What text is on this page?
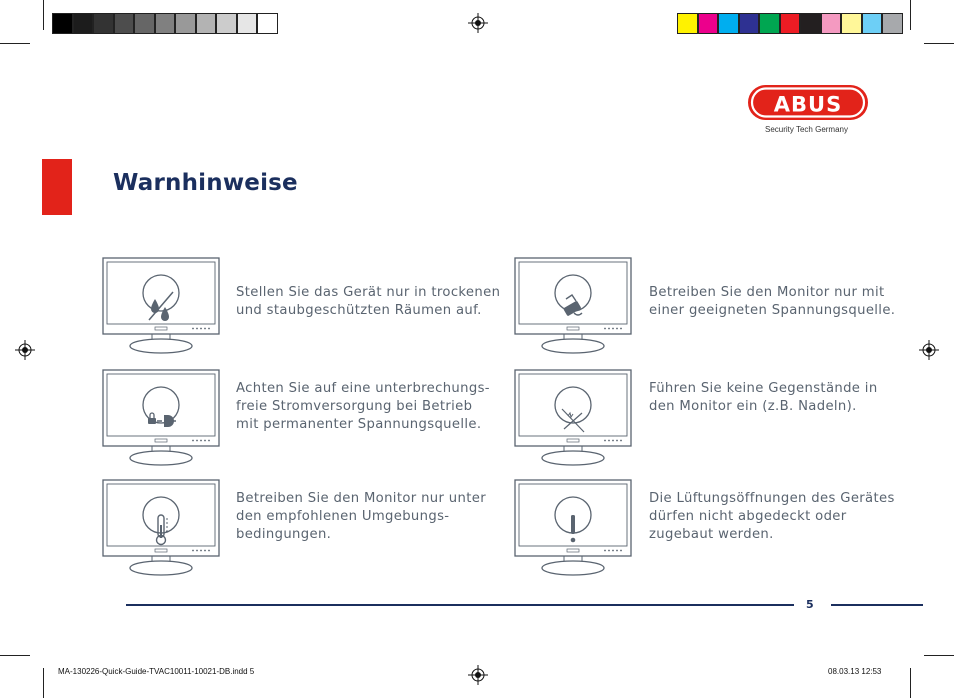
ABUS
Security Tech Germany
Warnhinweise
Stellen Sie das Gerät nur in trockenen
und staubgeschützten Räumen auf.
Betreiben Sie den Monitor nur mit
einer geeigneten Spannungsquelle.
Achten Sie auf eine unterbrechungs-
freie Stromversorgung bei Betrieb
mit permanenter Spannungsquelle.
Führen Sie keine Gegenstände in
den Monitor ein (z.B. Nadeln).
Betreiben Sie den Monitor nur unter
den empfohlenen Umgebungs-
bedingungen.
Die Lüftungsöffnungen des Gerätes
dürfen nicht abgedeckt oder
zugebaut werden.
5
MA-130226-Quick-Guide-TVAC10011-10021-DB.indd 5	08.03.13 12:53
